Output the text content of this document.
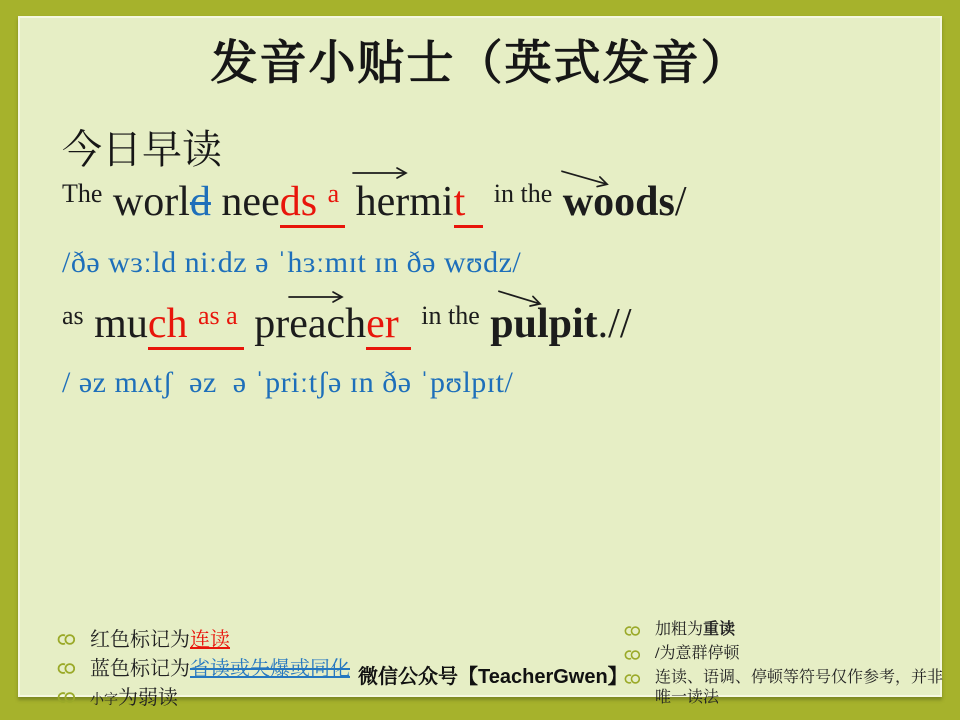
发音小贴士（英式发音）
今日早读
$^{The}$ world needs $^a$ hermit $^{in the}$ woods/
/ðə wɜːld niːdz ə ˈhɜːmɪt ɪn ðə wʊdz/
$^{as}$ much $^{as a}$ preacher $^{in the}$ pulpit.//
/ əz mʌtʃ  əz  ə ˈpriːtʃə ɪn ðə ˈpʊlpɪt/
红色标记为连读
蓝色标记为省读或失爆或同化
小字为弱读
加粗为重读
/为意群停顿
连读、语调、停顿等符号仅作参考，并非唯一读法
微信公众号【TeacherGwen】
